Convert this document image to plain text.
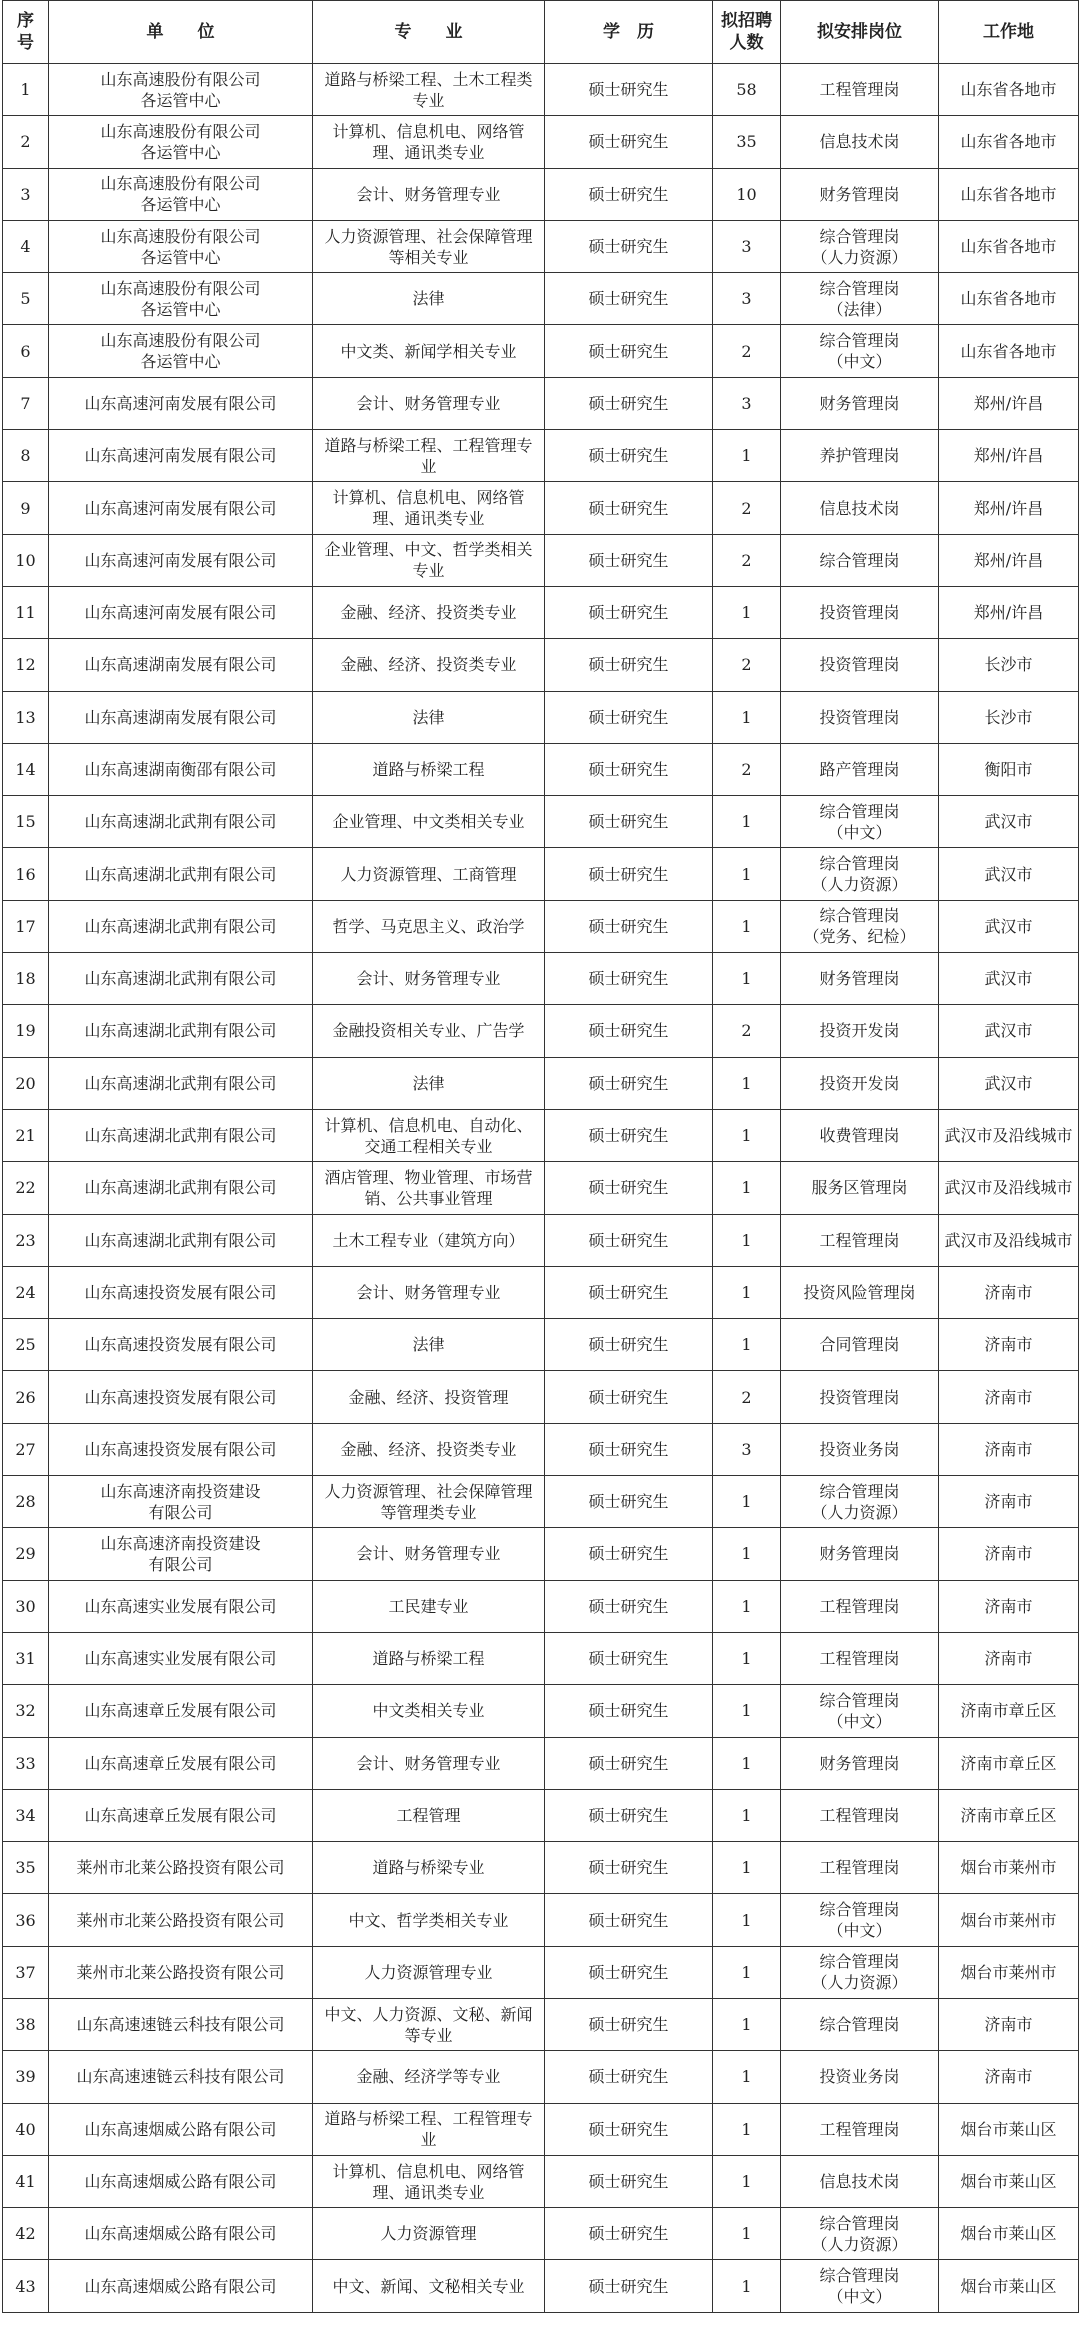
序
号	单　　位	专　　业	学　历	拟招聘
人数	拟安排岗位	工作地
1	山东高速股份有限公司
各运管中心	道路与桥梁工程、土木工程类专业	硕士研究生	58	工程管理岗	山东省各地市
2	山东高速股份有限公司
各运管中心	计算机、信息机电、网络管理、通讯类专业	硕士研究生	35	信息技术岗	山东省各地市
3	山东高速股份有限公司
各运管中心	会计、财务管理专业	硕士研究生	10	财务管理岗	山东省各地市
4	山东高速股份有限公司
各运管中心	人力资源管理、社会保障管理等相关专业	硕士研究生	3	综合管理岗
（人力资源）	山东省各地市
5	山东高速股份有限公司
各运管中心	法律	硕士研究生	3	综合管理岗
（法律）	山东省各地市
6	山东高速股份有限公司
各运管中心	中文类、新闻学相关专业	硕士研究生	2	综合管理岗
（中文）	山东省各地市
7	山东高速河南发展有限公司	会计、财务管理专业	硕士研究生	3	财务管理岗	郑州/许昌
8	山东高速河南发展有限公司	道路与桥梁工程、工程管理专业	硕士研究生	1	养护管理岗	郑州/许昌
9	山东高速河南发展有限公司	计算机、信息机电、网络管理、通讯类专业	硕士研究生	2	信息技术岗	郑州/许昌
10	山东高速河南发展有限公司	企业管理、中文、哲学类相关专业	硕士研究生	2	综合管理岗	郑州/许昌
11	山东高速河南发展有限公司	金融、经济、投资类专业	硕士研究生	1	投资管理岗	郑州/许昌
12	山东高速湖南发展有限公司	金融、经济、投资类专业	硕士研究生	2	投资管理岗	长沙市
13	山东高速湖南发展有限公司	法律	硕士研究生	1	投资管理岗	长沙市
14	山东高速湖南衡邵有限公司	道路与桥梁工程	硕士研究生	2	路产管理岗	衡阳市
15	山东高速湖北武荆有限公司	企业管理、中文类相关专业	硕士研究生	1	综合管理岗
（中文）	武汉市
16	山东高速湖北武荆有限公司	人力资源管理、工商管理	硕士研究生	1	综合管理岗
（人力资源）	武汉市
17	山东高速湖北武荆有限公司	哲学、马克思主义、政治学	硕士研究生	1	综合管理岗
（党务、纪检）	武汉市
18	山东高速湖北武荆有限公司	会计、财务管理专业	硕士研究生	1	财务管理岗	武汉市
19	山东高速湖北武荆有限公司	金融投资相关专业、广告学	硕士研究生	2	投资开发岗	武汉市
20	山东高速湖北武荆有限公司	法律	硕士研究生	1	投资开发岗	武汉市
21	山东高速湖北武荆有限公司	计算机、信息机电、自动化、交通工程相关专业	硕士研究生	1	收费管理岗	武汉市及沿线城市
22	山东高速湖北武荆有限公司	酒店管理、物业管理、市场营销、公共事业管理	硕士研究生	1	服务区管理岗	武汉市及沿线城市
23	山东高速湖北武荆有限公司	土木工程专业（建筑方向）	硕士研究生	1	工程管理岗	武汉市及沿线城市
24	山东高速投资发展有限公司	会计、财务管理专业	硕士研究生	1	投资风险管理岗	济南市
25	山东高速投资发展有限公司	法律	硕士研究生	1	合同管理岗	济南市
26	山东高速投资发展有限公司	金融、经济、投资管理	硕士研究生	2	投资管理岗	济南市
27	山东高速投资发展有限公司	金融、经济、投资类专业	硕士研究生	3	投资业务岗	济南市
28	山东高速济南投资建设
有限公司	人力资源管理、社会保障管理等管理类专业	硕士研究生	1	综合管理岗
（人力资源）	济南市
29	山东高速济南投资建设
有限公司	会计、财务管理专业	硕士研究生	1	财务管理岗	济南市
30	山东高速实业发展有限公司	工民建专业	硕士研究生	1	工程管理岗	济南市
31	山东高速实业发展有限公司	道路与桥梁工程	硕士研究生	1	工程管理岗	济南市
32	山东高速章丘发展有限公司	中文类相关专业	硕士研究生	1	综合管理岗
（中文）	济南市章丘区
33	山东高速章丘发展有限公司	会计、财务管理专业	硕士研究生	1	财务管理岗	济南市章丘区
34	山东高速章丘发展有限公司	工程管理	硕士研究生	1	工程管理岗	济南市章丘区
35	莱州市北莱公路投资有限公司	道路与桥梁专业	硕士研究生	1	工程管理岗	烟台市莱州市
36	莱州市北莱公路投资有限公司	中文、哲学类相关专业	硕士研究生	1	综合管理岗
（中文）	烟台市莱州市
37	莱州市北莱公路投资有限公司	人力资源管理专业	硕士研究生	1	综合管理岗
（人力资源）	烟台市莱州市
38	山东高速速链云科技有限公司	中文、人力资源、文秘、新闻等专业	硕士研究生	1	综合管理岗	济南市
39	山东高速速链云科技有限公司	金融、经济学等专业	硕士研究生	1	投资业务岗	济南市
40	山东高速烟威公路有限公司	道路与桥梁工程、工程管理专业	硕士研究生	1	工程管理岗	烟台市莱山区
41	山东高速烟威公路有限公司	计算机、信息机电、网络管理、通讯类专业	硕士研究生	1	信息技术岗	烟台市莱山区
42	山东高速烟威公路有限公司	人力资源管理	硕士研究生	1	综合管理岗
（人力资源）	烟台市莱山区
43	山东高速烟威公路有限公司	中文、新闻、文秘相关专业	硕士研究生	1	综合管理岗
（中文）	烟台市莱山区
